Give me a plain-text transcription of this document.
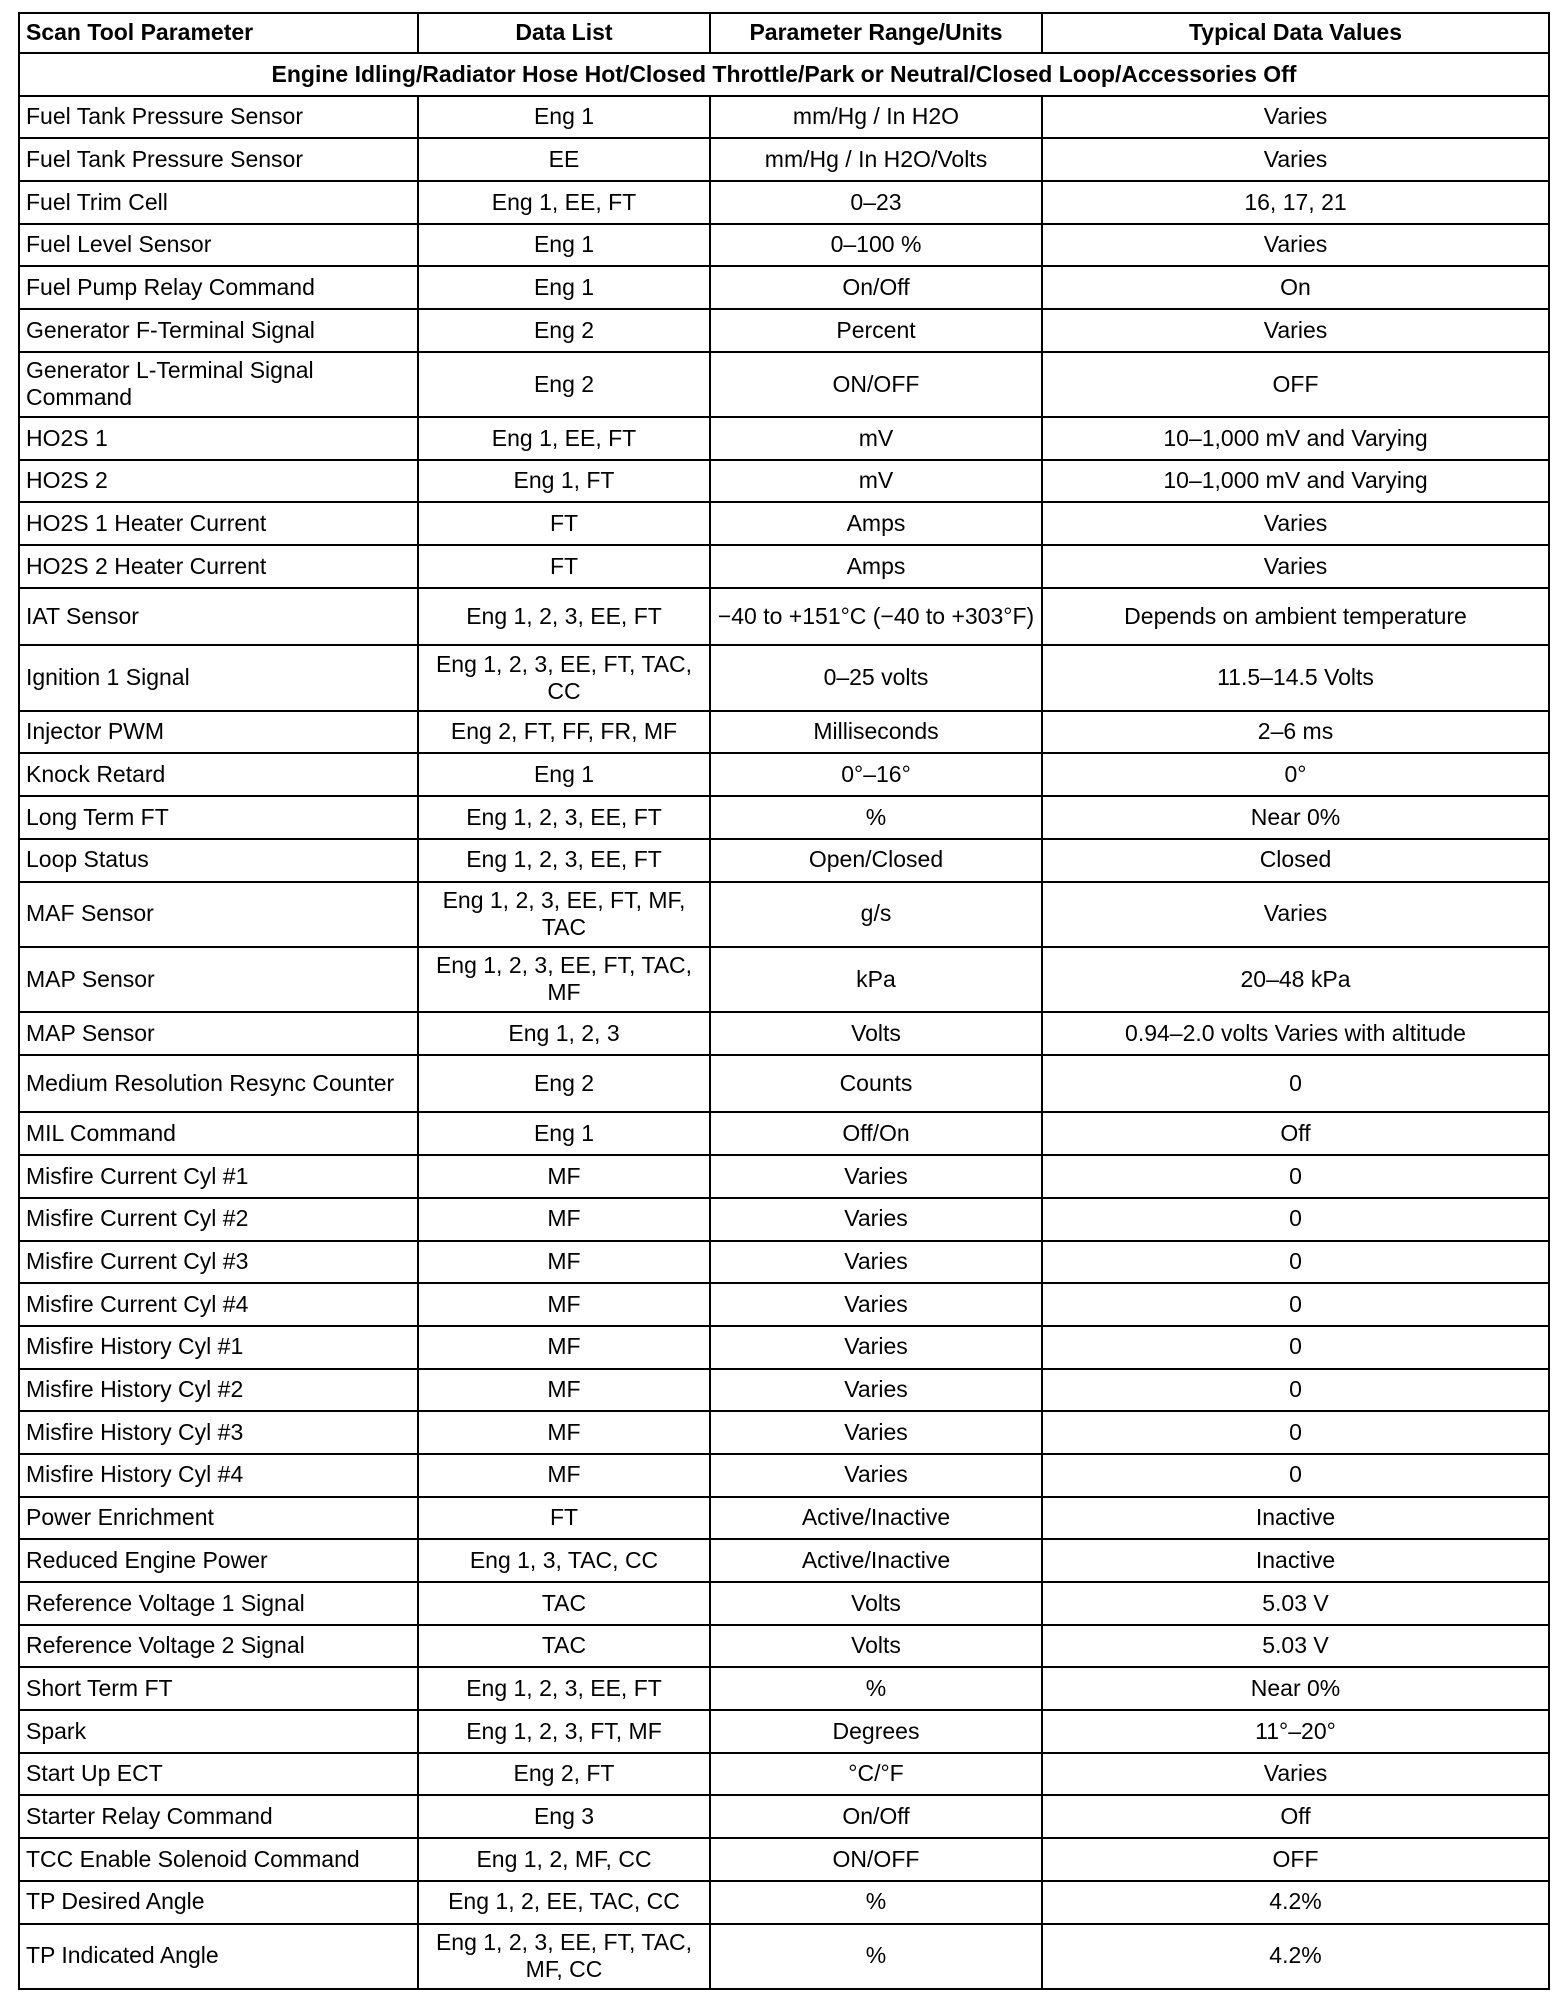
Scan Tool Parameter	Data List	Parameter Range/Units	Typical Data Values
Engine Idling/Radiator Hose Hot/Closed Throttle/Park or Neutral/Closed Loop/Accessories Off			
Fuel Tank Pressure Sensor	Eng 1	mm/Hg / In H2O	Varies
Fuel Tank Pressure Sensor	EE	mm/Hg / In H2O/Volts	Varies
Fuel Trim Cell	Eng 1, EE, FT	0–23	16, 17, 21
Fuel Level Sensor	Eng 1	0–100 %	Varies
Fuel Pump Relay Command	Eng 1	On/Off	On
Generator F-Terminal Signal	Eng 2	Percent	Varies
Generator L-Terminal Signal Command	Eng 2	ON/OFF	OFF
HO2S 1	Eng 1, EE, FT	mV	10–1,000 mV and Varying
HO2S 2	Eng 1, FT	mV	10–1,000 mV and Varying
HO2S 1 Heater Current	FT	Amps	Varies
HO2S 2 Heater Current	FT	Amps	Varies
IAT Sensor	Eng 1, 2, 3, EE, FT	−40 to +151°C (−40 to +303°F)	Depends on ambient temperature
Ignition 1 Signal	Eng 1, 2, 3, EE, FT, TAC, CC	0–25 volts	11.5–14.5 Volts
Injector PWM	Eng 2, FT, FF, FR, MF	Milliseconds	2–6 ms
Knock Retard	Eng 1	0°–16°	0°
Long Term FT	Eng 1, 2, 3, EE, FT	%	Near 0%
Loop Status	Eng 1, 2, 3, EE, FT	Open/Closed	Closed
MAF Sensor	Eng 1, 2, 3, EE, FT, MF, TAC	g/s	Varies
MAP Sensor	Eng 1, 2, 3, EE, FT, TAC, MF	kPa	20–48 kPa
MAP Sensor	Eng 1, 2, 3	Volts	0.94–2.0 volts Varies with altitude
Medium Resolution Resync Counter	Eng 2	Counts	0
MIL Command	Eng 1	Off/On	Off
Misfire Current Cyl #1	MF	Varies	0
Misfire Current Cyl #2	MF	Varies	0
Misfire Current Cyl #3	MF	Varies	0
Misfire Current Cyl #4	MF	Varies	0
Misfire History Cyl #1	MF	Varies	0
Misfire History Cyl #2	MF	Varies	0
Misfire History Cyl #3	MF	Varies	0
Misfire History Cyl #4	MF	Varies	0
Power Enrichment	FT	Active/Inactive	Inactive
Reduced Engine Power	Eng 1, 3, TAC, CC	Active/Inactive	Inactive
Reference Voltage 1 Signal	TAC	Volts	5.03 V
Reference Voltage 2 Signal	TAC	Volts	5.03 V
Short Term FT	Eng 1, 2, 3, EE, FT	%	Near 0%
Spark	Eng 1, 2, 3, FT, MF	Degrees	11°–20°
Start Up ECT	Eng 2, FT	°C/°F	Varies
Starter Relay Command	Eng 3	On/Off	Off
TCC Enable Solenoid Command	Eng 1, 2, MF, CC	ON/OFF	OFF
TP Desired Angle	Eng 1, 2, EE, TAC, CC	%	4.2%
TP Indicated Angle	Eng 1, 2, 3, EE, FT, TAC, MF, CC	%	4.2%
